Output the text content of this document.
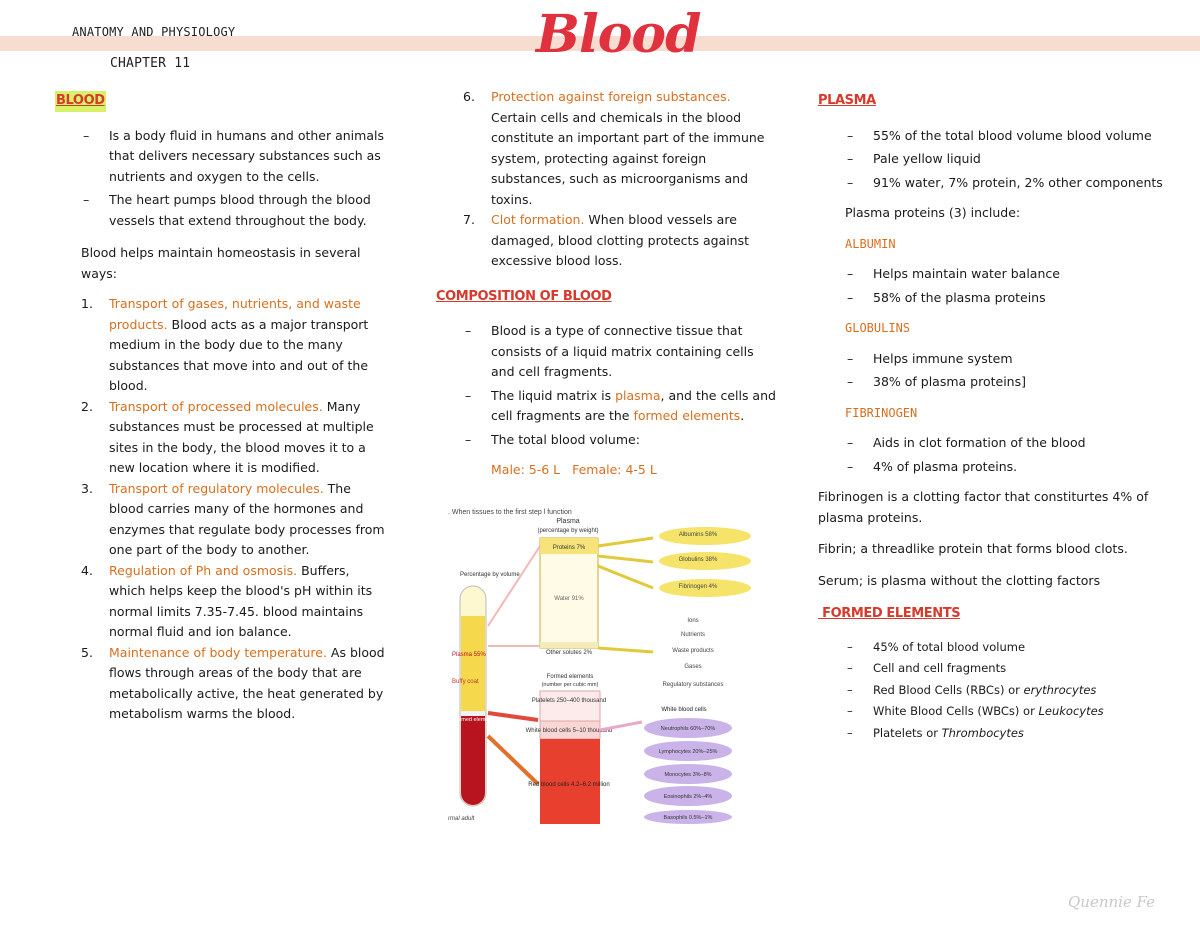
ANATOMY AND PHYSIOLOGY
CHAPTER 11	Blood
BLOOD
– Is a body fluid in humans and other animals that delivers necessary substances such as nutrients and oxygen to the cells.
– The heart pumps blood through the blood vessels that extend throughout the body.

Blood helps maintain homeostasis in several ways:

1. Transport of gases, nutrients, and waste products. Blood acts as a major transport medium in the body due to the many substances that move into and out of the blood.
2. Transport of processed molecules. Many substances must be processed at multiple sites in the body, the blood moves it to a new location where it is modified.
3. Transport of regulatory molecules. The blood carries many of the hormones and enzymes that regulate body processes from one part of the body to another.
4. Regulation of Ph and osmosis. Buffers, which helps keep the blood's pH within its normal limits 7.35-7.45. blood maintains normal fluid and ion balance.
5. Maintenance of body temperature. As blood flows through areas of the body that are metabolically active, the heat generated by metabolism warms the blood.
6. Protection against foreign substances. Certain cells and chemicals in the blood constitute an important part of the immune system, protecting against foreign substances, such as microorganisms and toxins.
7. Clot formation. When blood vessels are damaged, blood clotting protects against excessive blood loss.
COMPOSITION OF BLOOD
– Blood is a type of connective tissue that consists of a liquid matrix containing cells and cell fragments.
– The liquid matrix is plasma, and the cells and cell fragments are the formed elements.
– The total blood volume:

Male: 5-6 L   Female: 4-5 L

. When tissues to the first step l function
Plasma
(percentage by weight)
Proteins 7%
Water 91%
Other solutes 2%
Albumins 58%
Globulins 38%
Fibrinogen 4%
Ions
Nutrients
Waste products
Gases
Regulatory substances
Percentage by volume
Plasma 55%
Buffy coat
Formed elements 45%
Formed elements
(number per cubic mm)
Platelets 250–400 thousand
White blood cells 5–10 thousand
Red blood cells 4.2–6.2 million
White blood cells
Neutrophils 60%–70%
Lymphocytes 20%–25%
Monocytes 3%–8%
Eosinophils 2%–4%
Basophils 0.5%–1%
rmal adult
PLASMA
– 55% of the total blood volume blood volume
– Pale yellow liquid
– 91% water, 7% protein, 2% other components

Plasma proteins (3) include:

ALBUMIN

– Helps maintain water balance
– 58% of the plasma proteins

GLOBULINS

– Helps immune system
– 38% of plasma proteins]

FIBRINOGEN

– Aids in clot formation of the blood
– 4% of plasma proteins.

Fibrinogen is a clotting factor that constiturtes 4% of plasma proteins.

Fibrin; a threadlike protein that forms blood clots.

Serum; is plasma without the clotting factors

FORMED ELEMENTS
– 45% of total blood volume
– Cell and cell fragments
– Red Blood Cells (RBCs) or erythrocytes
– White Blood Cells (WBCs) or Leukocytes
– Platelets or Thrombocytes
Quennie Fe
